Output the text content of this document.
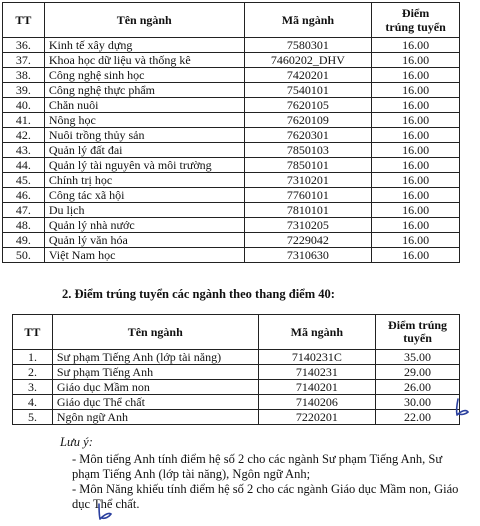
TT	Tên ngành	Mã ngành	Điểm
trúng tuyển
36.	Kinh tế xây dựng	7580301	16.00
37.	Khoa học dữ liệu và thống kê	7460202_DHV	16.00
38.	Công nghệ sinh học	7420201	16.00
39.	Công nghệ thực phẩm	7540101	16.00
40.	Chăn nuôi	7620105	16.00
41.	Nông học	7620109	16.00
42.	Nuôi trồng thủy sản	7620301	16.00
43.	Quản lý đất đai	7850103	16.00
44.	Quản lý tài nguyên và môi trường	7850101	16.00
45.	Chính trị học	7310201	16.00
46.	Công tác xã hội	7760101	16.00
47.	Du lịch	7810101	16.00
48.	Quản lý nhà nước	7310205	16.00
49.	Quản lý văn hóa	7229042	16.00
50.	Việt Nam học	7310630	16.00
2. Điểm trúng tuyển các ngành theo thang điểm 40:
TT	Tên ngành	Mã ngành	Điểm trúng
tuyển
1.	Sư phạm Tiếng Anh (lớp tài năng)	7140231C	35.00
2.	Sư phạm Tiếng Anh	7140231	29.00
3.	Giáo dục Mầm non	7140201	26.00
4.	Giáo dục Thể chất	7140206	30.00
5.	Ngôn ngữ Anh	7220201	22.00

Lưu ý:

- Môn tiếng Anh tính điểm hệ số 2 cho các ngành Sư phạm Tiếng Anh, Sư phạm Tiếng Anh (lớp tài năng), Ngôn ngữ Anh;

- Môn Năng khiếu tính điểm hệ số 2 cho các ngành Giáo dục Mầm non, Giáo dục Thể chất.
